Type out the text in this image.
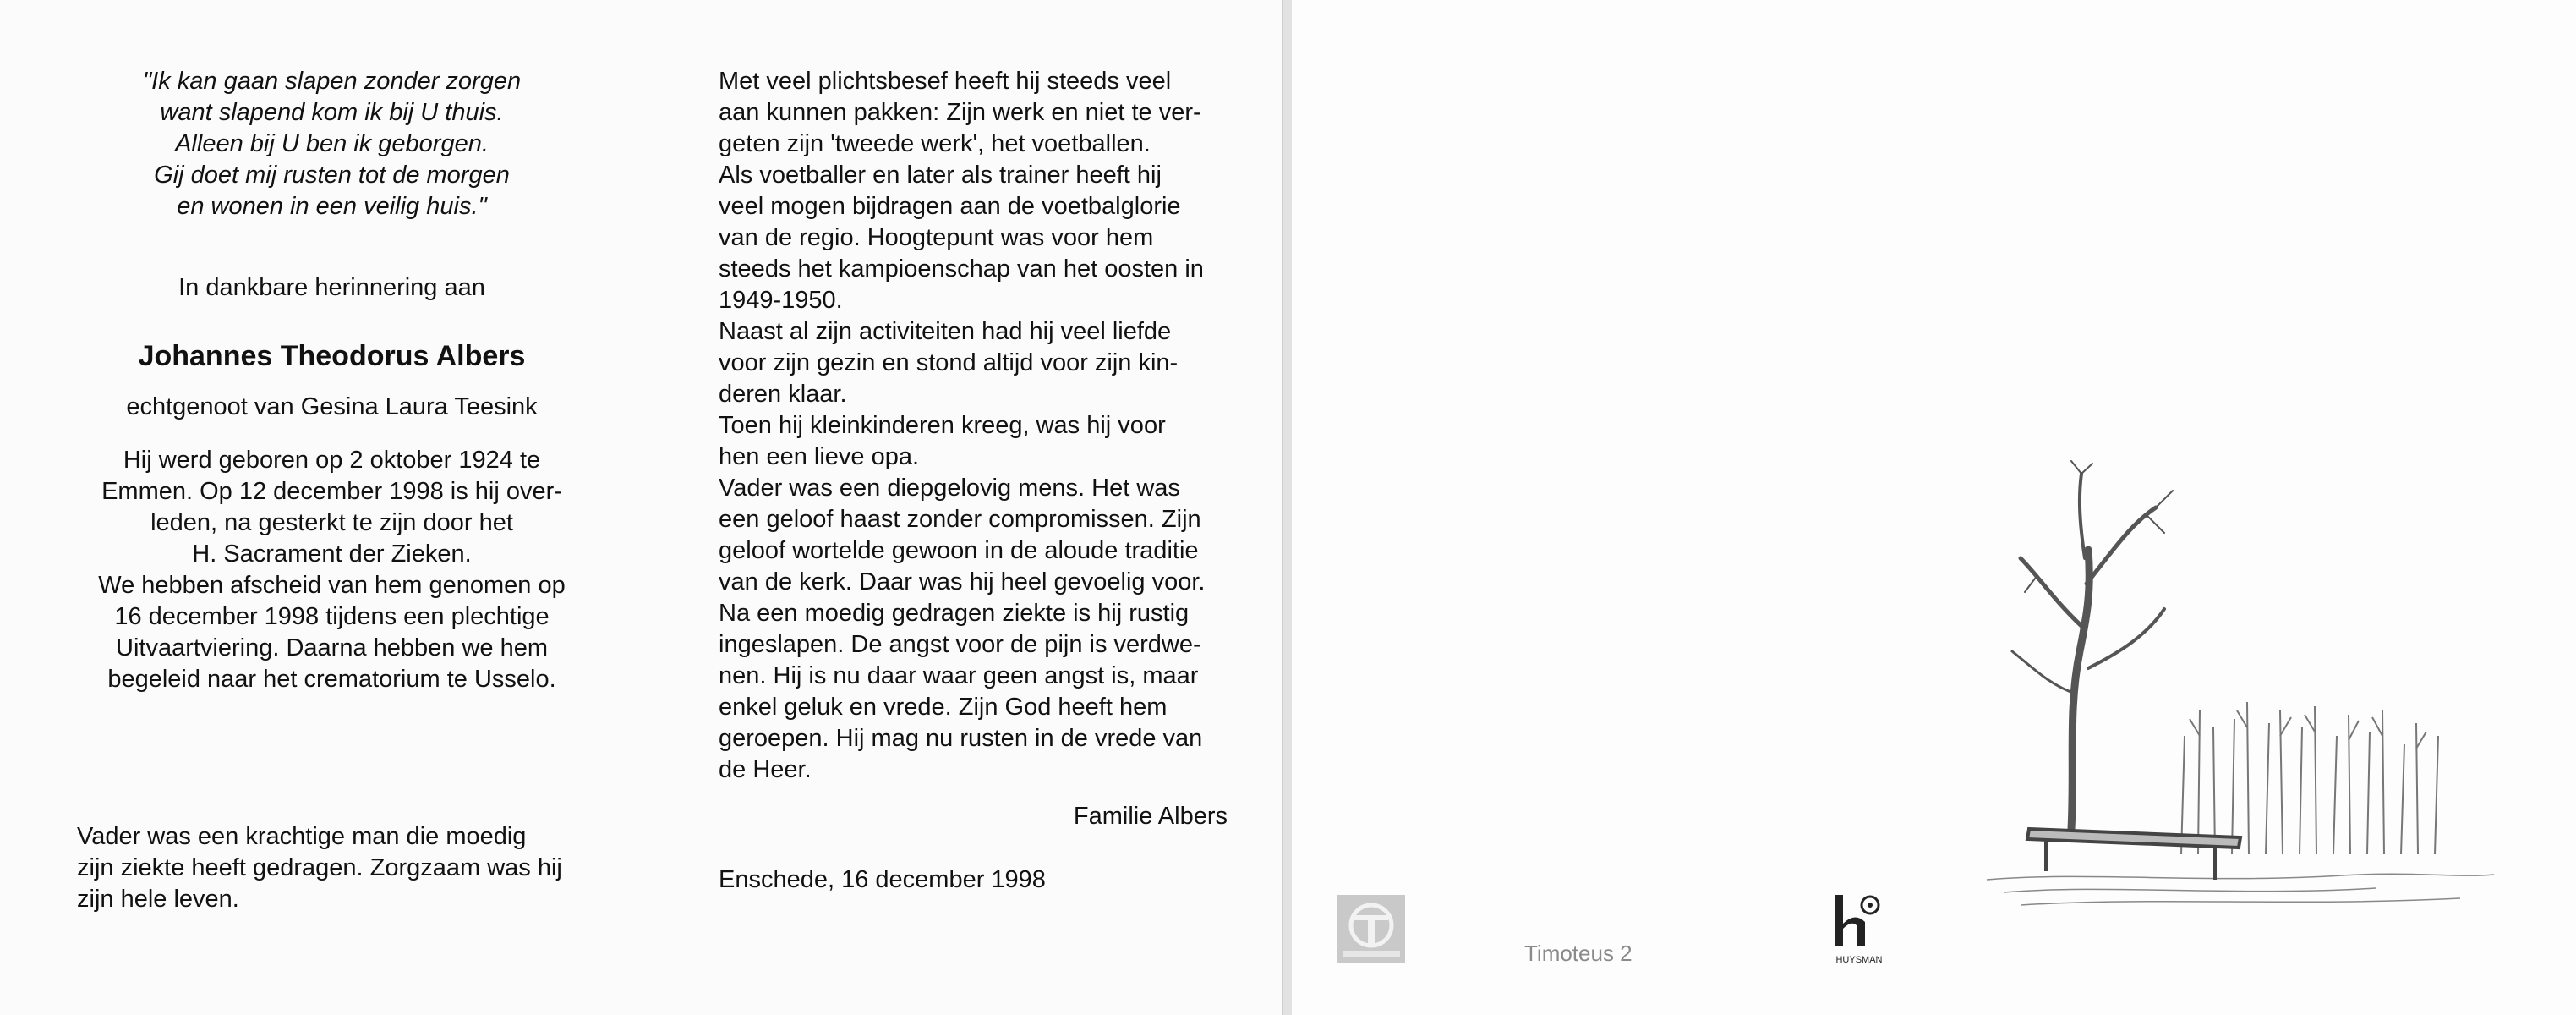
"Ik kan gaan slapen zonder zorgen
want slapend kom ik bij U thuis.
Alleen bij U ben ik geborgen.
Gij doet mij rusten tot de morgen
en wonen in een veilig huis."
In dankbare herinnering aan
Johannes Theodorus Albers
echtgenoot van Gesina Laura Teesink
Hij werd geboren op 2 oktober 1924 te
Emmen. Op 12 december 1998 is hij over-
leden, na gesterkt te zijn door het
H. Sacrament der Zieken.
We hebben afscheid van hem genomen op
16 december 1998 tijdens een plechtige
Uitvaartviering. Daarna hebben we hem
begeleid naar het crematorium te Usselo.
Vader was een krachtige man die moedig
zijn ziekte heeft gedragen. Zorgzaam was hij
zijn hele leven.
Met veel plichtsbesef heeft hij steeds veel
aan kunnen pakken: Zijn werk en niet te ver-
geten zijn 'tweede werk', het voetballen.
Als voetballer en later als trainer heeft hij
veel mogen bijdragen aan de voetbalglorie
van de regio. Hoogtepunt was voor hem
steeds het kampioenschap van het oosten in
1949-1950.
Naast al zijn activiteiten had hij veel liefde
voor zijn gezin en stond altijd voor zijn kin-
deren klaar.
Toen hij kleinkinderen kreeg, was hij voor
hen een lieve opa.
Vader was een diepgelovig mens. Het was
een geloof haast zonder compromissen. Zijn
geloof wortelde gewoon in de aloude traditie
van de kerk. Daar was hij heel gevoelig voor.
Na een moedig gedragen ziekte is hij rustig
ingeslapen. De angst voor de pijn is verdwe-
nen. Hij is nu daar waar geen angst is, maar
enkel geluk en vrede. Zijn God heeft hem
geroepen. Hij mag nu rusten in de vrede van
de Heer.
Familie Albers
Enschede, 16 december 1998
Timoteus 2	HUYSMAN
